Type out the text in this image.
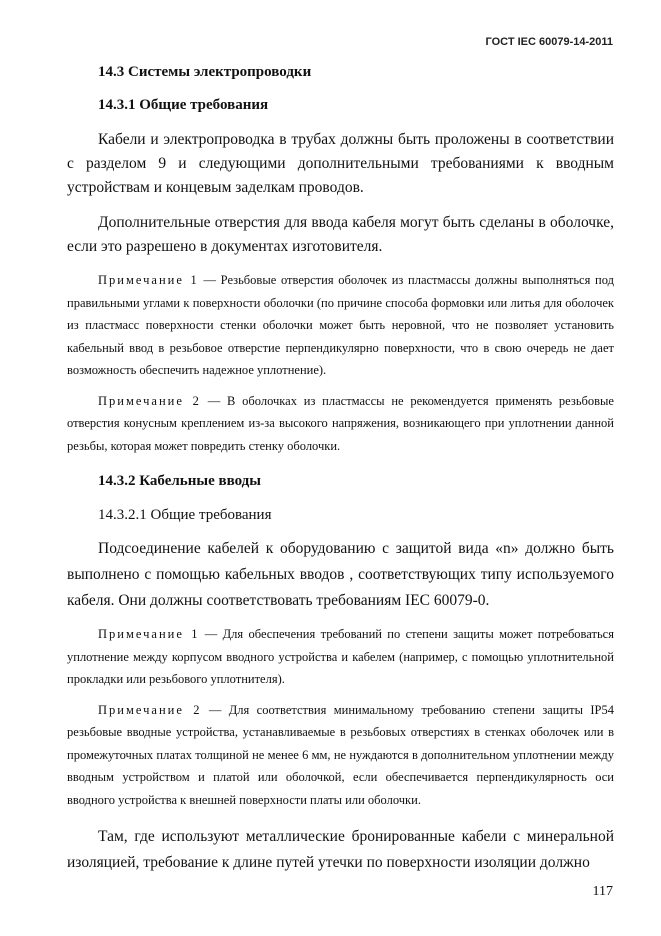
ГОСТ IEC 60079-14-2011

14.3 Системы электропроводки

14.3.1 Общие требования

Кабели и электропроводка в трубах должны быть проложены в соответствии с разделом 9 и следующими дополнительными требованиями к вводным устройствам и концевым заделкам проводов.

Дополнительные отверстия для ввода кабеля могут быть сделаны в оболочке, если это разрешено в документах изготовителя.

Примечание 1 — Резьбовые отверстия оболочек из пластмассы должны выполняться под правильными углами к поверхности оболочки (по причине способа формовки или литья для оболочек из пластмасс поверхности стенки оболочки может быть неровной, что не позволяет установить кабельный ввод в резьбовое отверстие перпендикулярно поверхности, что в свою очередь не дает возможность обеспечить надежное уплотнение).

Примечание 2 — В оболочках из пластмассы не рекомендуется применять резьбовые отверстия конусным креплением из-за высокого напряжения, возникающего при уплотнении данной резьбы, которая может повредить стенку оболочки.

14.3.2 Кабельные вводы

14.3.2.1 Общие требования

Подсоединение кабелей к оборудованию с защитой вида «n» должно быть выполнено с помощью кабельных вводов , соответствующих типу используемого кабеля. Они должны соответствовать требованиям IEC 60079-0.

Примечание 1 — Для обеспечения требований по степени защиты может потребоваться уплотнение между корпусом вводного устройства и кабелем (например, с помощью уплотнительной прокладки или резьбового уплотнителя).

Примечание 2 — Для соответствия минимальному требованию степени защиты IP54 резьбовые вводные устройства, устанавливаемые в резьбовых отверстиях в стенках оболочек или в промежуточных платах толщиной не менее 6 мм, не нуждаются в дополнительном уплотнении между вводным устройством и платой или оболочкой, если обеспечивается перпендикулярность оси вводного устройства к внешней поверхности платы или оболочки.

Там, где используют металлические бронированные кабели с минеральной изоляцией, требование к длине путей утечки по поверхности изоляции должно

117
